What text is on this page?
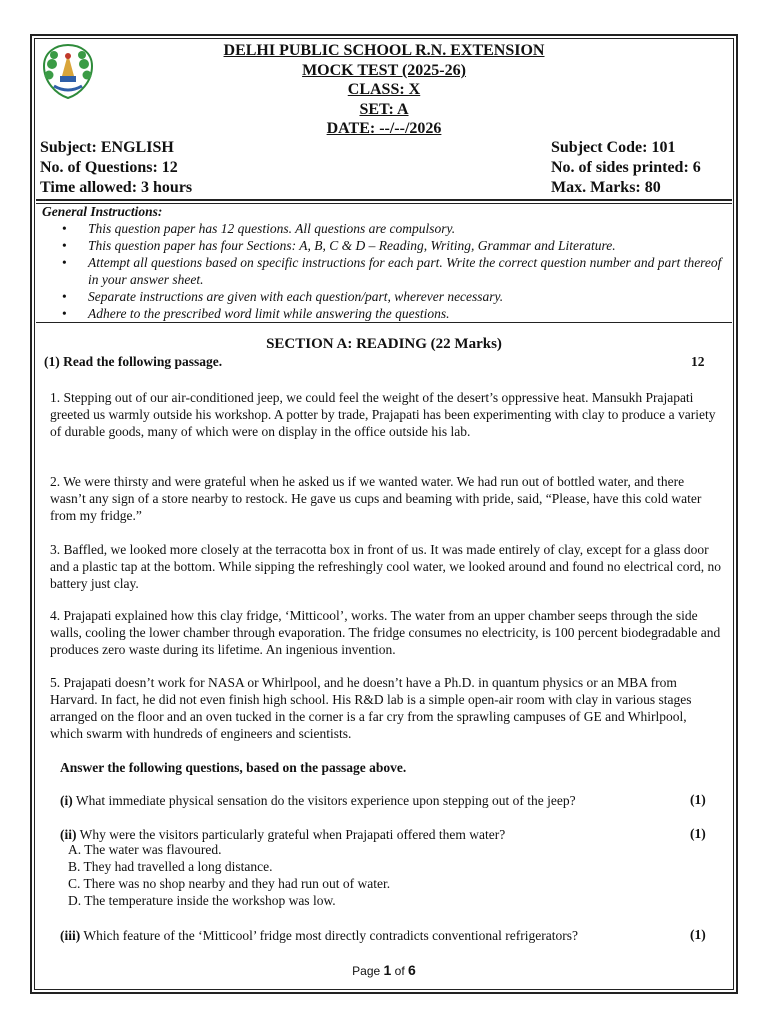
DELHI PUBLIC SCHOOL R.N. EXTENSION
MOCK TEST (2025-26)
CLASS: X
SET: A
DATE: --/--/2026
Subject: ENGLISH	Subject Code: 101
No. of Questions: 12	No. of sides printed: 6
Time allowed: 3 hours	Max. Marks: 80
General Instructions:
• This question paper has 12 questions. All questions are compulsory.
• This question paper has four Sections: A, B, C & D – Reading, Writing, Grammar and Literature.
• Attempt all questions based on specific instructions for each part. Write the correct question number and part thereof in your answer sheet.
• Separate instructions are given with each question/part, wherever necessary.
• Adhere to the prescribed word limit while answering the questions.
SECTION A: READING (22 Marks)
(1) Read the following passage.	12
1. Stepping out of our air-conditioned jeep, we could feel the weight of the desert’s oppressive heat. Mansukh Prajapati greeted us warmly outside his workshop. A potter by trade, Prajapati has been experimenting with clay to produce a variety of durable goods, many of which were on display in the office outside his lab.
2. We were thirsty and were grateful when he asked us if we wanted water. We had run out of bottled water, and there wasn’t any sign of a store nearby to restock. He gave us cups and beaming with pride, said, “Please, have this cold water from my fridge.”
3. Baffled, we looked more closely at the terracotta box in front of us. It was made entirely of clay, except for a glass door and a plastic tap at the bottom. While sipping the refreshingly cool water, we looked around and found no electrical cord, no battery just clay.
4. Prajapati explained how this clay fridge, ‘Mitticool’, works. The water from an upper chamber seeps through the side walls, cooling the lower chamber through evaporation. The fridge consumes no electricity, is 100 percent biodegradable and produces zero waste during its lifetime. An ingenious invention.
5. Prajapati doesn’t work for NASA or Whirlpool, and he doesn’t have a Ph.D. in quantum physics or an MBA from Harvard. In fact, he did not even finish high school. His R&D lab is a simple open-air room with clay in various stages arranged on the floor and an oven tucked in the corner is a far cry from the sprawling campuses of GE and Whirlpool, which swarm with hundreds of engineers and scientists.
Answer the following questions, based on the passage above.
(i) What immediate physical sensation do the visitors experience upon stepping out of the jeep?	(1)
(ii) Why were the visitors particularly grateful when Prajapati offered them water?	(1)
A. The water was flavoured.
B. They had travelled a long distance.
C. There was no shop nearby and they had run out of water.
D. The temperature inside the workshop was low.
(iii) Which feature of the ‘Mitticool’ fridge most directly contradicts conventional refrigerators?	(1)
Page 1 of 6
